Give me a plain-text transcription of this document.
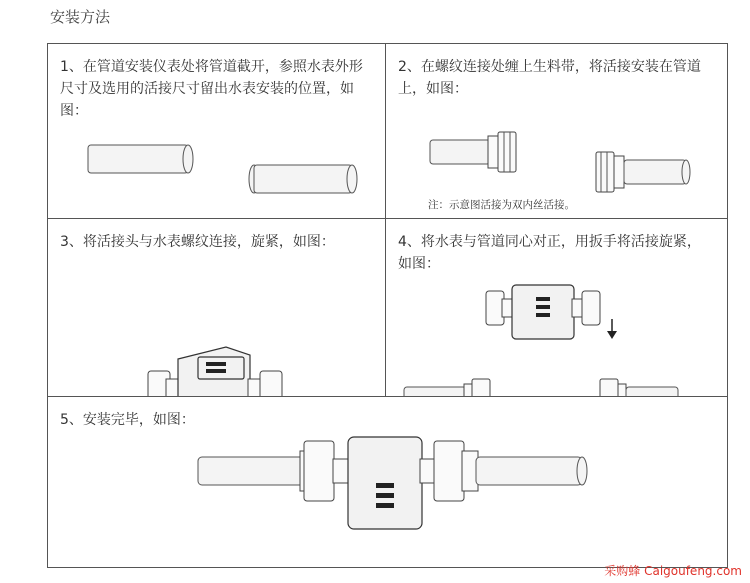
安装方法
1、在管道安装仪表处将管道截开，参照水表外形尺寸及选用的活接尺寸留出水表安装的位置，如图：
2、在螺纹连接处缠上生料带，将活接安装在管道上，如图：
注：示意图活接为双内丝活接。
3、将活接头与水表螺纹连接，旋紧，如图：	4、将水表与管道同心对正，用扳手将活接旋紧，如图：
5、安装完毕，如图：
采购蜂 Caigoufeng.com
